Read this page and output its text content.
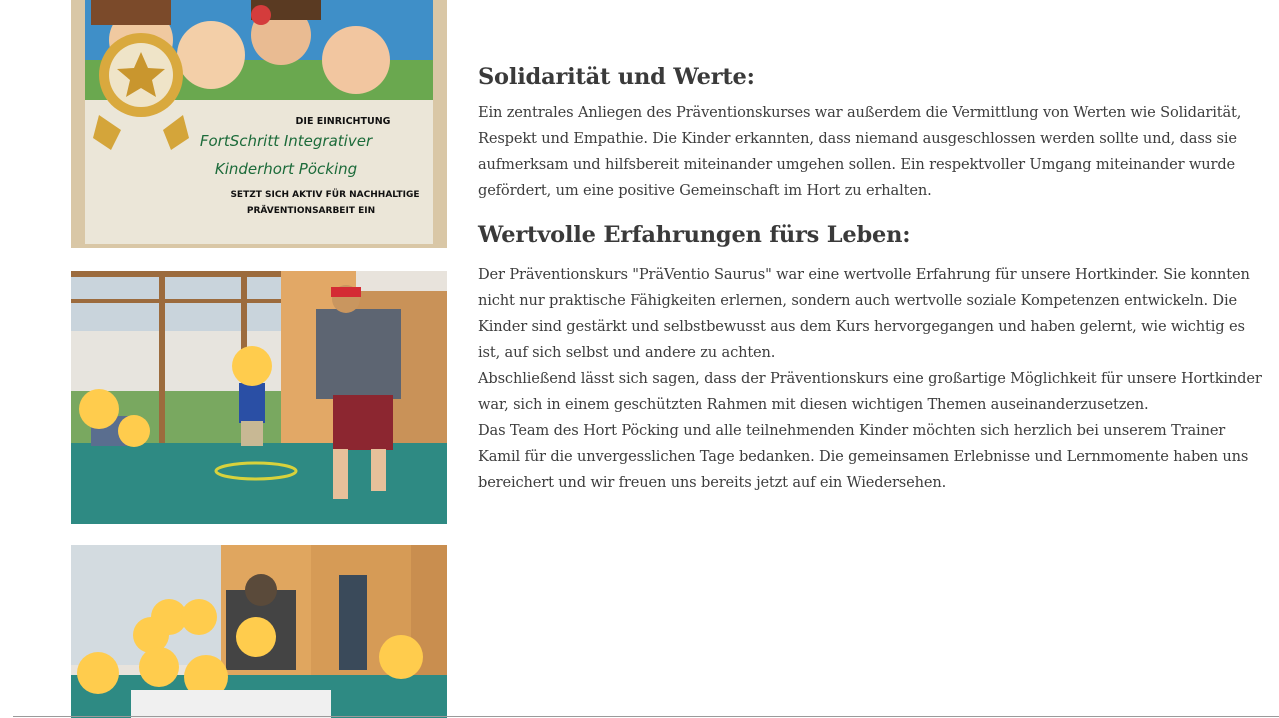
DIE EINRICHTUNG
FortSchritt Integrativer
Kinderhort Pöcking
SETZT SICH AKTIV FÜR NACHHALTIGE
PRÄVENTIONSARBEIT EIN
Solidarität und Werte:

Ein zentrales Anliegen des Präventionskurses war außerdem die Vermittlung von Werten wie Solidarität, Respekt und Empathie. Die Kinder erkannten, dass niemand ausgeschlossen werden sollte und, dass sie aufmerksam und hilfsbereit miteinander umgehen sollen. Ein respektvoller Umgang miteinander wurde gefördert, um eine positive Gemeinschaft im Hort zu erhalten.

Wertvolle Erfahrungen fürs Leben:

Der Präventionskurs "PräVentio Saurus" war eine wertvolle Erfahrung für unsere Hortkinder. Sie konnten nicht nur praktische Fähigkeiten erlernen, sondern auch wertvolle soziale Kompetenzen entwickeln. Die Kinder sind gestärkt und selbstbewusst aus dem Kurs hervorgegangen und haben gelernt, wie wichtig es ist, auf sich selbst und andere zu achten.

Abschließend lässt sich sagen, dass der Präventionskurs eine großartige Möglichkeit für unsere Hortkinder war, sich in einem geschützten Rahmen mit diesen wichtigen Themen auseinanderzusetzen.

Das Team des Hort Pöcking und alle teilnehmenden Kinder möchten sich herzlich bei unserem Trainer Kamil für die unvergesslichen Tage bedanken. Die gemeinsamen Erlebnisse und Lernmomente haben uns bereichert und wir freuen uns bereits jetzt auf ein Wiedersehen.
